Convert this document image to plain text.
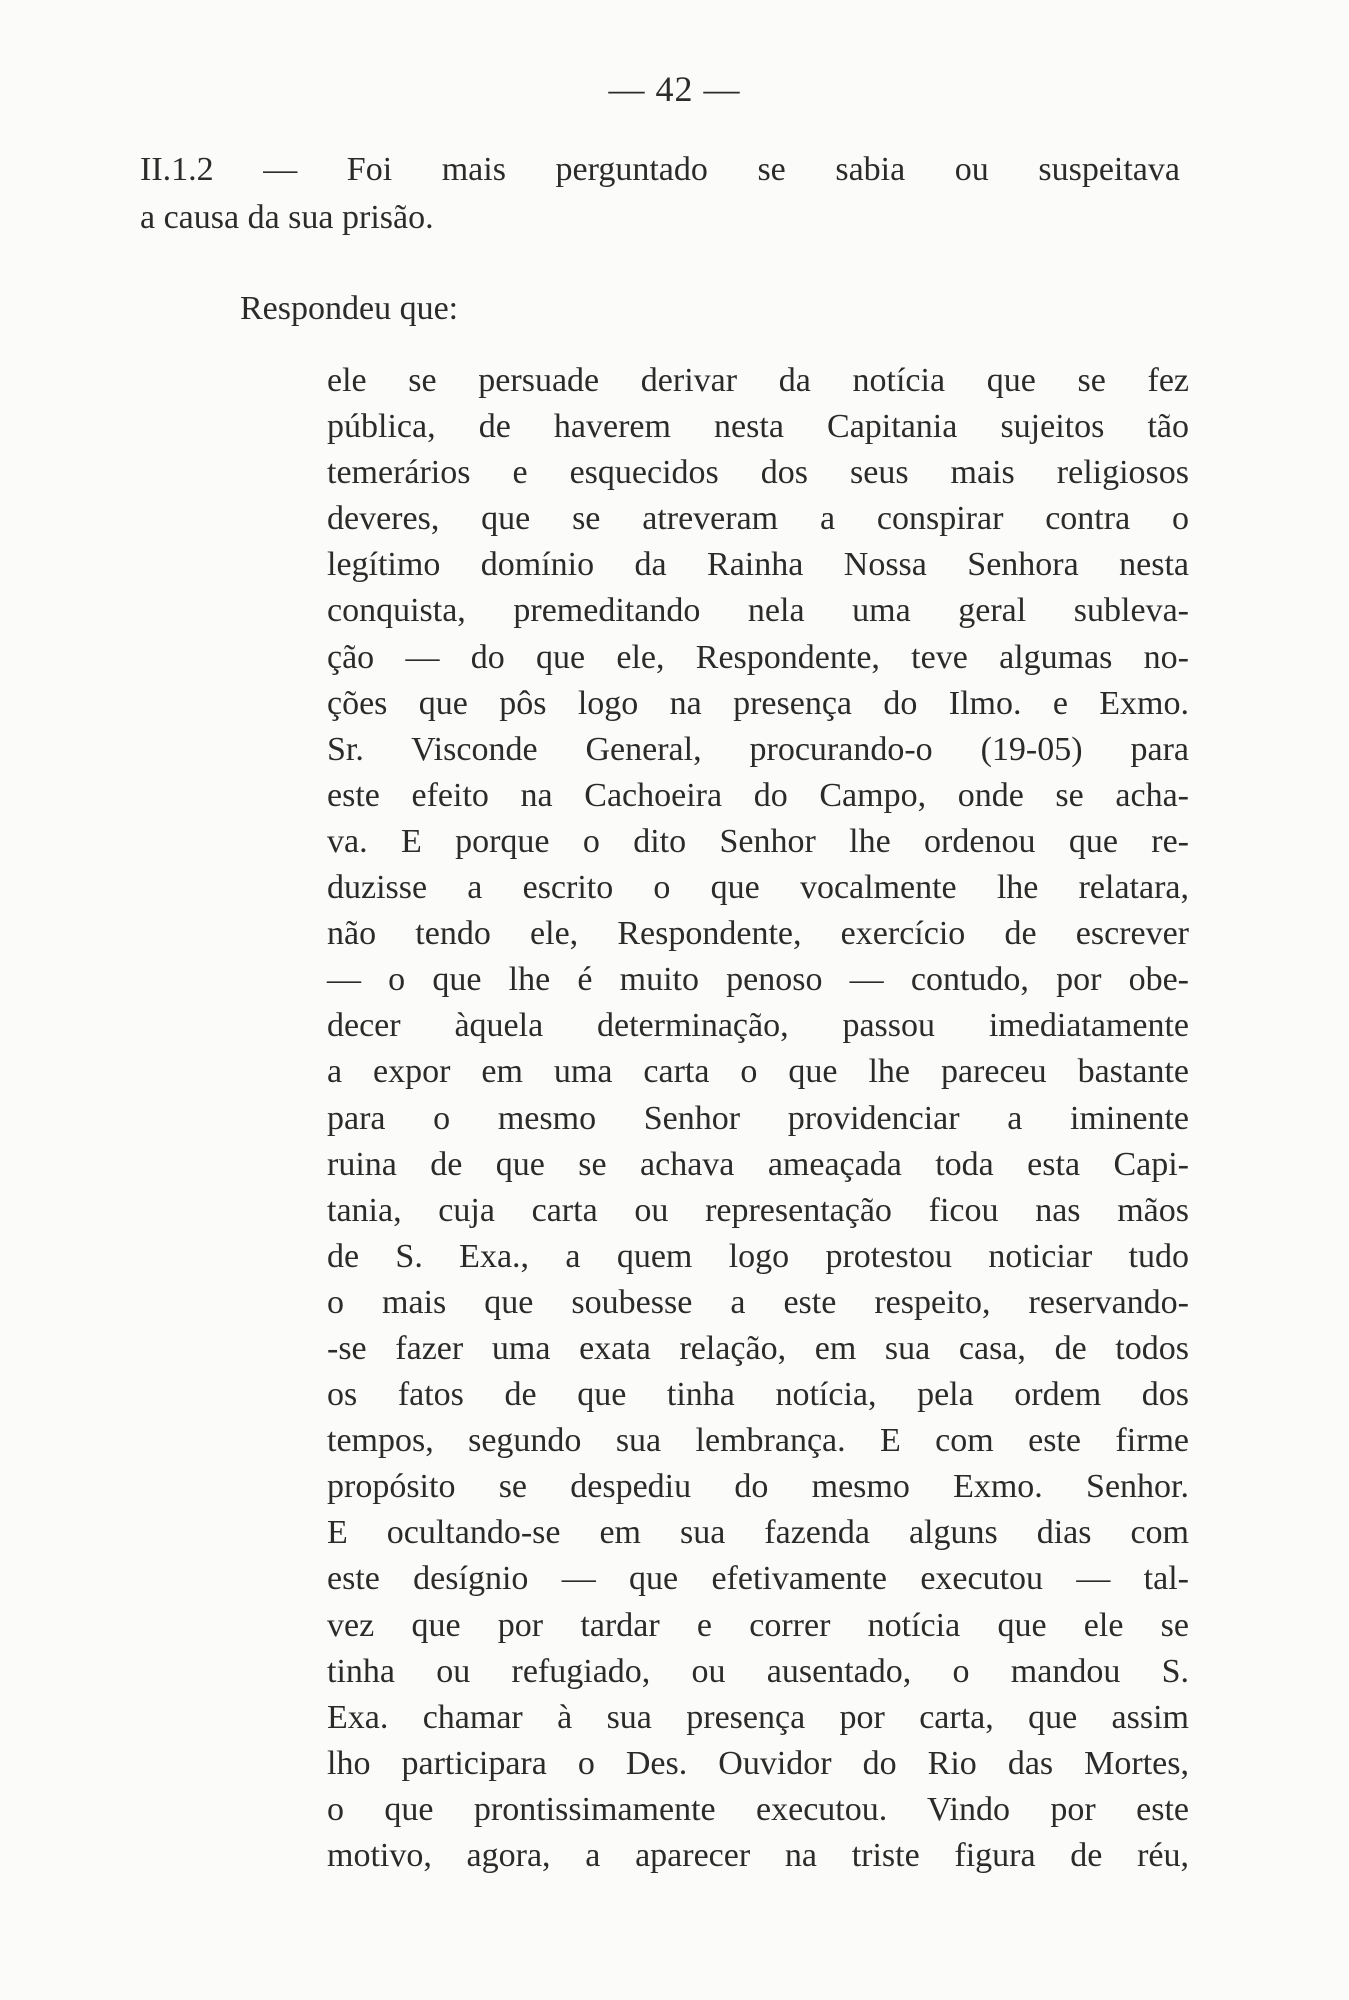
— 42 —
II.1.2 — Foi mais perguntado se sabia ou suspeitava
a causa da sua prisão.
Respondeu que:
ele se persuade derivar da notícia que se fez
pública, de haverem nesta Capitania sujeitos tão
temerários e esquecidos dos seus mais religiosos
deveres, que se atreveram a conspirar contra o
legítimo domínio da Rainha Nossa Senhora nesta
conquista, premeditando nela uma geral subleva-
ção — do que ele, Respondente, teve algumas no-
ções que pôs logo na presença do Ilmo. e Exmo.
Sr. Visconde General, procurando-o (19-05) para
este efeito na Cachoeira do Campo, onde se acha-
va. E porque o dito Senhor lhe ordenou que re-
duzisse a escrito o que vocalmente lhe relatara,
não tendo ele, Respondente, exercício de escrever
— o que lhe é muito penoso — contudo, por obe-
decer àquela determinação, passou imediatamente
a expor em uma carta o que lhe pareceu bastante
para o mesmo Senhor providenciar a iminente
ruina de que se achava ameaçada toda esta Capi-
tania, cuja carta ou representação ficou nas mãos
de S. Exa., a quem logo protestou noticiar tudo
o mais que soubesse a este respeito, reservando-
-se fazer uma exata relação, em sua casa, de todos
os fatos de que tinha notícia, pela ordem dos
tempos, segundo sua lembrança. E com este firme
propósito se despediu do mesmo Exmo. Senhor.
E ocultando-se em sua fazenda alguns dias com
este desígnio — que efetivamente executou — tal-
vez que por tardar e correr notícia que ele se
tinha ou refugiado, ou ausentado, o mandou S.
Exa. chamar à sua presença por carta, que assim
lho participara o Des. Ouvidor do Rio das Mortes,
o que prontissimamente executou. Vindo por este
motivo, agora, a aparecer na triste figura de réu,
